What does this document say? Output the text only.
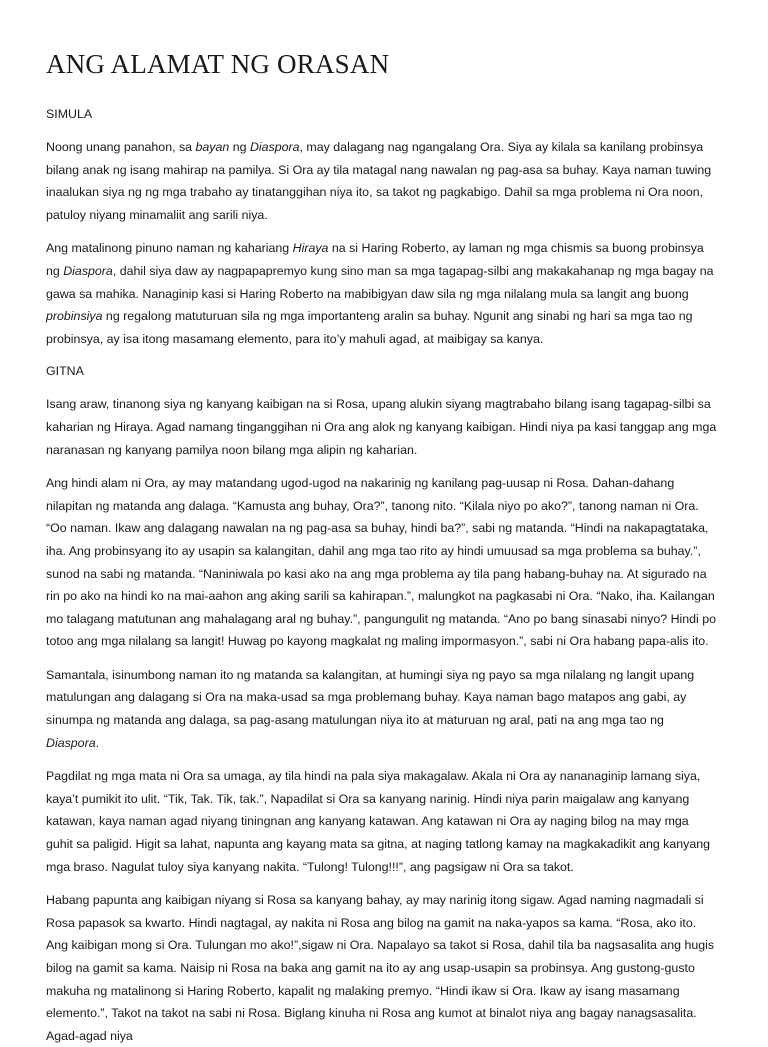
ANG ALAMAT NG ORASAN
SIMULA

Noong unang panahon, sa bayan ng Diaspora, may dalagang nag ngangalang Ora. Siya ay kilala sa kanilang probinsya bilang anak ng isang mahirap na pamilya. Si Ora ay tila matagal nang nawalan ng pag-asa sa buhay. Kaya naman tuwing inaalukan siya ng ng mga trabaho ay tinatanggihan niya ito, sa takot ng pagkabigo. Dahil sa mga problema ni Ora noon, patuloy niyang minamaliit ang sarili niya.

Ang matalinong pinuno naman ng kahariang Hiraya na si Haring Roberto, ay laman ng mga chismis sa buong probinsya ng Diaspora, dahil siya daw ay nagpapapremyo kung sino man sa mga tagapag-silbi ang makakahanap ng mga bagay na gawa sa mahika. Nanaginip kasi si Haring Roberto na mabibigyan daw sila ng mga nilalang mula sa langit ang buong probinsiya ng regalong matuturuan sila ng mga importanteng aralin sa buhay. Ngunit ang sinabi ng hari sa mga tao ng probinsya, ay isa itong masamang elemento, para ito’y mahuli agad, at maibigay sa kanya.

GITNA

Isang araw, tinanong siya ng kanyang kaibigan na si Rosa, upang alukin siyang magtrabaho bilang isang tagapag-silbi sa kaharian ng Hiraya. Agad namang tinganggihan ni Ora ang alok ng kanyang kaibigan. Hindi niya pa kasi tanggap ang mga naranasan ng kanyang pamilya noon bilang mga alipin ng kaharian.

Ang hindi alam ni Ora, ay may matandang ugod-ugod na nakarinig ng kanilang pag-uusap ni Rosa. Dahan-dahang nilapitan ng matanda ang dalaga. “Kamusta ang buhay, Ora?”, tanong nito. “Kilala niyo po ako?”, tanong naman ni Ora. “Oo naman. Ikaw ang dalagang nawalan na ng pag-asa sa buhay, hindi ba?”, sabi ng matanda. “Hindi na nakapagtataka, iha. Ang probinsyang ito ay usapin sa kalangitan, dahil ang mga tao rito ay hindi umuusad sa mga problema sa buhay.”, sunod na sabi ng matanda. “Naniniwala po kasi ako na ang mga problema ay tila pang habang-buhay na. At sigurado na rin po ako na hindi ko na mai-aahon ang aking sarili sa kahirapan.”, malungkot na pagkasabi ni Ora. “Nako, iha. Kailangan mo talagang matutunan ang mahalagang aral ng buhay.”, pangungulit ng matanda. “Ano po bang sinasabi ninyo? Hindi po totoo ang mga nilalang sa langit! Huwag po kayong magkalat ng maling impormasyon.”, sabi ni Ora habang papa-alis ito.

Samantala, isinumbong naman ito ng matanda sa kalangitan, at humingi siya ng payo sa mga nilalang ng langit upang matulungan ang dalagang si Ora na maka-usad sa mga problemang buhay. Kaya naman bago matapos ang gabi, ay sinumpa ng matanda ang dalaga, sa pag-asang matulungan niya ito at maturuan ng aral, pati na ang mga tao ng Diaspora.

Pagdilat ng mga mata ni Ora sa umaga, ay tila hindi na pala siya makagalaw. Akala ni Ora ay nananaginip lamang siya, kaya’t pumikit ito ulit. “Tik, Tak. Tik, tak.”, Napadilat si Ora sa kanyang narinig. Hindi niya parin maigalaw ang kanyang katawan, kaya naman agad niyang tiningnan ang kanyang katawan. Ang katawan ni Ora ay naging bilog na may mga guhit sa paligid. Higit sa lahat, napunta ang kayang mata sa gitna, at naging tatlong kamay na magkakadikit ang kanyang mga braso. Nagulat tuloy siya kanyang nakita. “Tulong! Tulong!!!”, ang pagsigaw ni Ora sa takot.

Habang papunta ang kaibigan niyang si Rosa sa kanyang bahay, ay may narinig itong sigaw. Agad naming nagmadali si Rosa papasok sa kwarto. Hindi nagtagal, ay nakita ni Rosa ang bilog na gamit na naka-yapos sa kama. “Rosa, ako ito. Ang kaibigan mong si Ora. Tulungan mo ako!”,sigaw ni Ora. Napalayo sa takot si Rosa, dahil tila ba nagsasalita ang hugis bilog na gamit sa kama. Naisip ni Rosa na baka ang gamit na ito ay ang usap-usapin sa probinsya. Ang gustong-gusto makuha ng matalinong si Haring Roberto, kapalit ng malaking premyo. “Hindi ikaw si Ora. Ikaw ay isang masamang elemento.”, Takot na takot na sabi ni Rosa. Biglang kinuha ni Rosa ang kumot at binalot niya ang bagay nanagsasalita. Agad-agad niya
